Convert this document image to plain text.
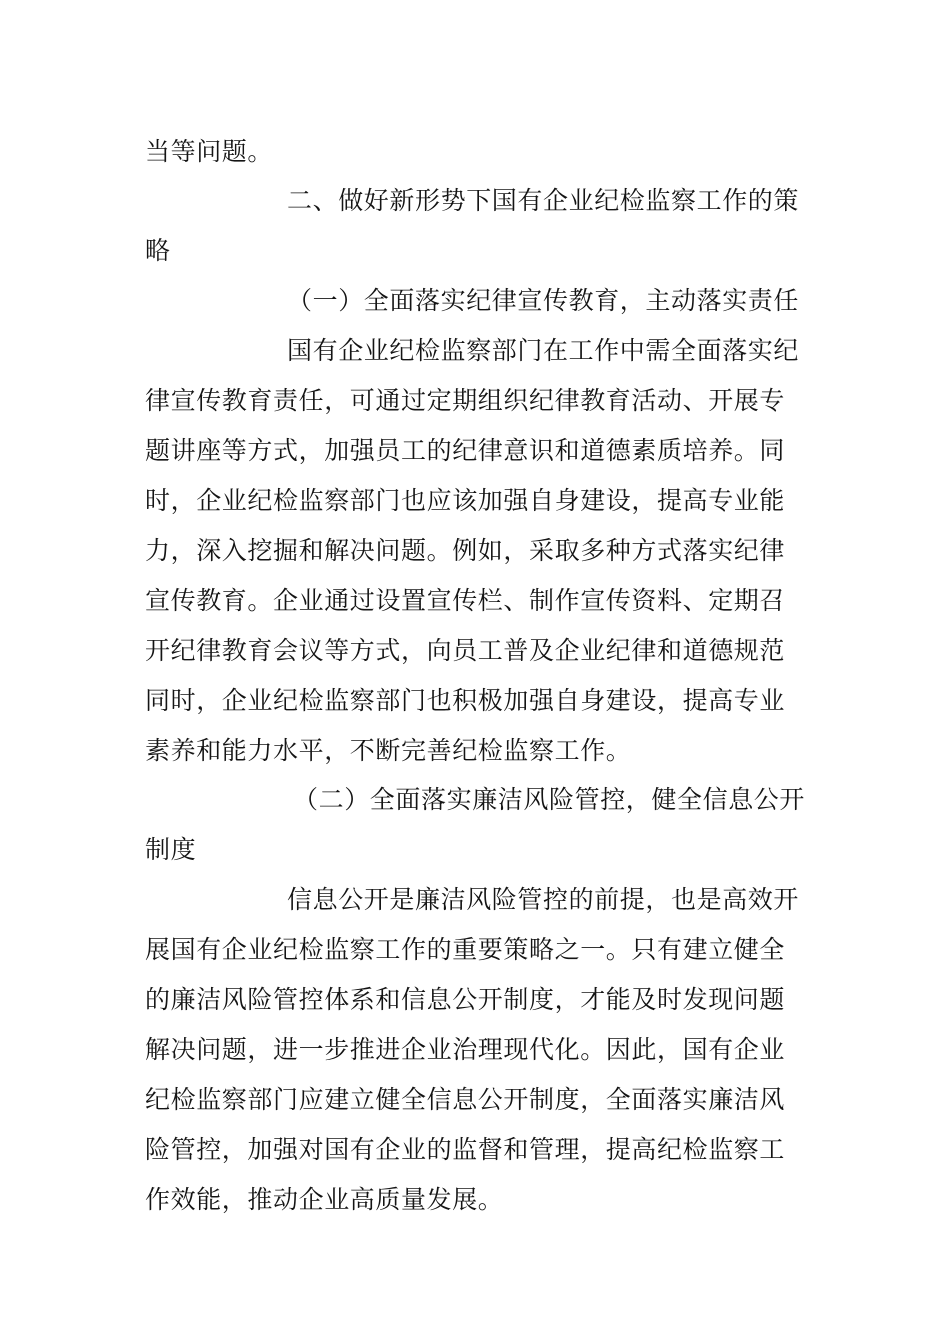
当等问题。
二、做好新形势下国有企业纪检监察工作的策
略
（一）全面落实纪律宣传教育，主动落实责任
国有企业纪检监察部门在工作中需全面落实纪
律宣传教育责任，可通过定期组织纪律教育活动、开展专
题讲座等方式，加强员工的纪律意识和道德素质培养。同
时，企业纪检监察部门也应该加强自身建设，提高专业能
力，深入挖掘和解决问题。例如，采取多种方式落实纪律
宣传教育。企业通过设置宣传栏、制作宣传资料、定期召
开纪律教育会议等方式，向员工普及企业纪律和道德规范
同时，企业纪检监察部门也积极加强自身建设，提高专业
素养和能力水平，不断完善纪检监察工作。
（二）全面落实廉洁风险管控，健全信息公开
制度
信息公开是廉洁风险管控的前提，也是高效开
展国有企业纪检监察工作的重要策略之一。只有建立健全
的廉洁风险管控体系和信息公开制度，才能及时发现问题
解决问题，进一步推进企业治理现代化。因此，国有企业
纪检监察部门应建立健全信息公开制度，全面落实廉洁风
险管控，加强对国有企业的监督和管理，提高纪检监察工
作效能，推动企业高质量发展。
